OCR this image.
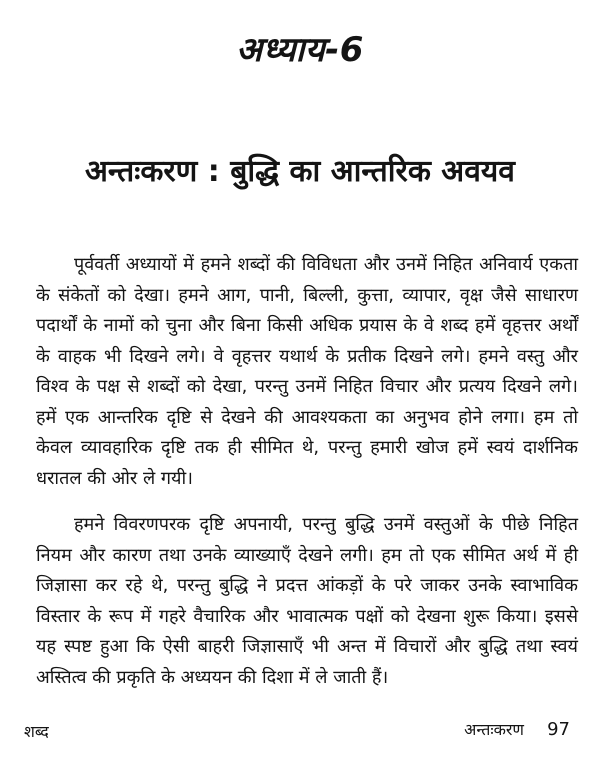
अध्याय-6
अन्तःकरण : बुद्धि का आन्तरिक अवयव

पूर्ववर्ती अध्यायों में हमने शब्दों की विविधता और उनमें निहित अनिवार्य एकता के संकेतों को देखा। हमने आग, पानी, बिल्ली, कुत्ता, व्यापार, वृक्ष जैसे साधारण पदार्थों के नामों को चुना और बिना किसी अधिक प्रयास के वे शब्द हमें वृहत्तर अर्थों के वाहक भी दिखने लगे। वे वृहत्तर यथार्थ के प्रतीक दिखने लगे। हमने वस्तु और विश्व के पक्ष से शब्दों को देखा, परन्तु उनमें निहित विचार और प्रत्यय दिखने लगे। हमें एक आन्तरिक दृष्टि से देखने की आवश्यकता का अनुभव होने लगा। हम तो केवल व्यावहारिक दृष्टि तक ही सीमित थे, परन्तु हमारी खोज हमें स्वयं दार्शनिक धरातल की ओर ले गयी।

हमने विवरणपरक दृष्टि अपनायी, परन्तु बुद्धि उनमें वस्तुओं के पीछे निहित नियम और कारण तथा उनके व्याख्याएँ देखने लगी। हम तो एक सीमित अर्थ में ही जिज्ञासा कर रहे थे, परन्तु बुद्धि ने प्रदत्त आंकड़ों के परे जाकर उनके स्वाभाविक विस्तार के रूप में गहरे वैचारिक और भावात्मक पक्षों को देखना शुरू किया। इससे यह स्पष्ट हुआ कि ऐसी बाहरी जिज्ञासाएँ भी अन्त में विचारों और बुद्धि तथा स्वयं अस्तित्व की प्रकृति के अध्ययन की दिशा में ले जाती हैं।

शब्द	अन्तःकरण 97
